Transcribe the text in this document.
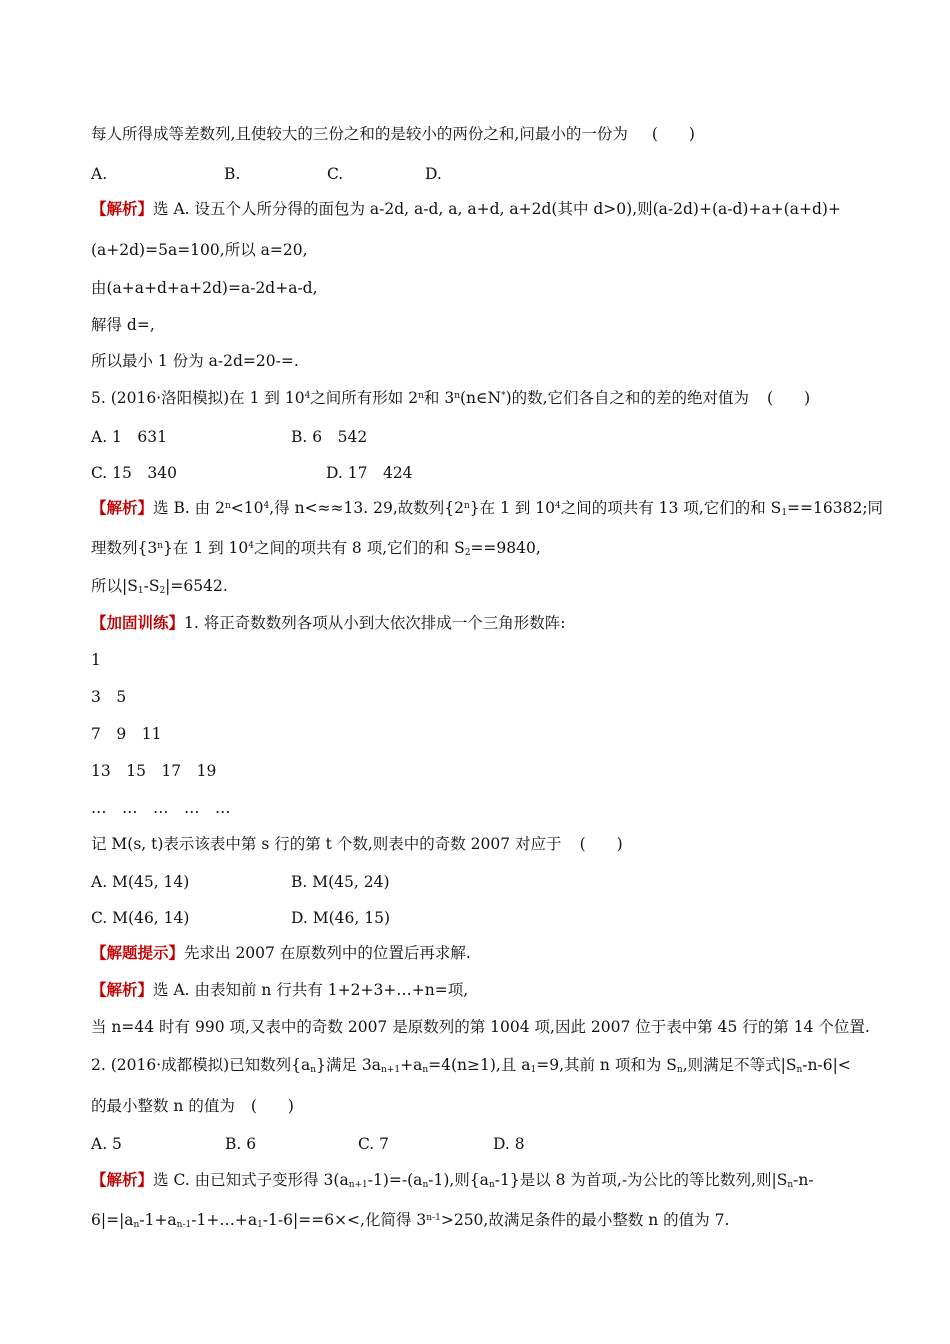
每人所得成等差数列,且使较大的三份之和的是较小的两份之和,问最小的一份为 (　　)
A.	B.	C.	D.
【解析】选 A. 设五个人所分得的面包为 a-2d, a-d, a, a+d, a+2d(其中 d>0),则(a-2d)+(a-d)+a+(a+d)+
(a+2d)=5a=100,所以 a=20,
由(a+a+d+a+2d)=a-2d+a-d,
解得 d=,
所以最小 1 份为 a-2d=20-=.
5. (2016·洛阳模拟)在 1 到 $10^4$之间所有形如 2$^n$和 3$^n$(n∈N*)的数,它们各自之和的差的绝对值为 (　　)
A. 1　631	B. 6　542
C. 15　340	D. 17　424
【解析】选 B. 由 $2^n<10^4$,得 n<≈≈13. 29,故数列{2$^n$}在 1 到 $10^4$之间的项共有 13 项,它们的和 $S_1==16382$;同
理数列{3$^n$}在 1 到 $10^4$之间的项共有 8 项,它们的和 $S_2==9840$,
所以$|S_1-S_2|=6542$.
【加固训练】1. 将正奇数数列各项从小到大依次排成一个三角形数阵:
1
3　5
7　9　11
13　15　17　19
…　…　…　…　…
记 M(s, t)表示该表中第 s 行的第 t 个数,则表中的奇数 2007 对应于 (　　)
A. M(45, 14)	B. M(45, 24)
C. M(46, 14)	D. M(46, 15)
【解题提示】先求出 2007 在原数列中的位置后再求解.
【解析】选 A. 由表知前 n 行共有 1+2+3+…+n=项,
当 n=44 时有 990 项,又表中的奇数 2007 是原数列的第 1004 项,因此 2007 位于表中第 45 行的第 14 个位置.
2. (2016·成都模拟)已知数列$\{a_n\}$满足 $3a_{n+1}+a_n=4(n\ge 1)$,且 $a_1=9$,其前 n 项和为 $S_n$,则满足不等式$|S_n-n-6|<$
的最小整数 n 的值为 (　　)
A. 5	B. 6	C. 7	D. 8
【解析】选 C. 由已知式子变形得 $3(a_{n+1}-1)=-(a_n-1)$,则$\{a_n-1\}$是以 8 为首项,-为公比的等比数列,则$|S_n-n-$
$6|=|a_n-1+a_{n-1}-1+\dots+a_1-1-6|==6\times<$,化简得 $3^{n-1}>250$,故满足条件的最小整数 n 的值为 7.
